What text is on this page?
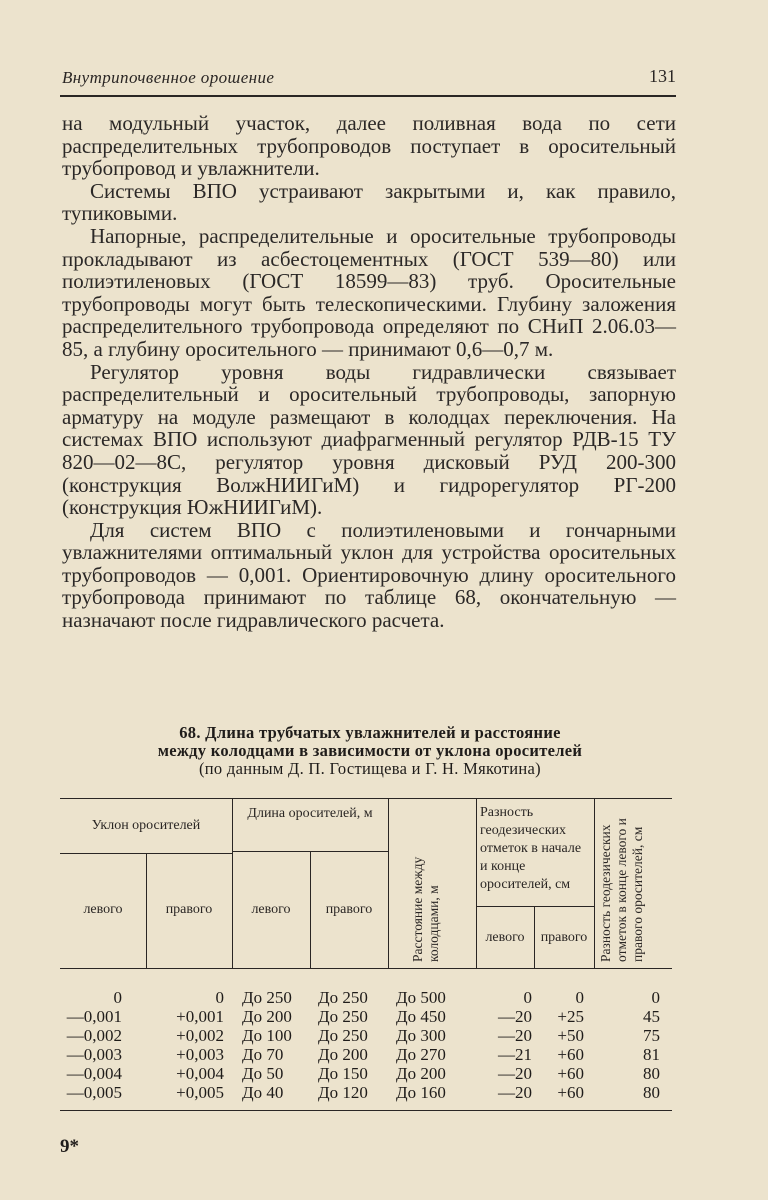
Внутрипочвенное орошение	131

на модульный участок, далее поливная вода по сети распределительных трубопроводов поступает в оросительный трубопровод и увлажнители.

Системы ВПО устраивают закрытыми и, как правило, тупиковыми.

Напорные, распределительные и оросительные трубопроводы прокладывают из асбестоцементных (ГОСТ 539—80) или полиэтиленовых (ГОСТ 18599—83) труб. Оросительные трубопроводы могут быть телескопическими. Глубину заложения распределительного трубопровода определяют по СНиП 2.06.03—85, а глубину оросительного — принимают 0,6—0,7 м.

Регулятор уровня воды гидравлически связывает распределительный и оросительный трубопроводы, запорную арматуру на модуле размещают в колодцах переключения. На системах ВПО используют диафрагменный регулятор РДВ-15 ТУ 820—02—8С, регулятор уровня дисковый РУД 200-300 (конструкция ВолжНИИГиМ) и гидрорегулятор РГ-200 (конструкция ЮжНИИГиМ).

Для систем ВПО с полиэтиленовыми и гончарными увлажнителями оптимальный уклон для устройства оросительных трубопроводов — 0,001. Ориентировочную длину оросительного трубопровода принимают по таблице 68, окончательную — назначают после гидравлического расчета.

68. Длина трубчатых увлажнителей и расстояние
между колодцами в зависимости от уклона оросителей
(по данным Д. П. Гостищева и Г. Н. Мякотина)
Уклон оросителей
Длина оросителей, м	Разность геодезических отметок в начале и конце оросителей, см
левого	правого	левого	правого
левого	правого
Расстояние между колодцами, м	Разность геодезических отметок в конце левого и правого оросителей, см
0	0 До 250	До 250	До 500	0	0	0
—0,001	+0,001 До 200	До 250	До 450	—20	+25	45
—0,002	+0,002 До 100	До 250	До 300	—20	+50	75
—0,003	+0,003 До 70	До 200	До 270	—21	+60	81
—0,004	+0,004 До 50	До 150	До 200	—20	+60	80
—0,005	+0,005 До 40	До 120	До 160	—20	+60	80
9*
